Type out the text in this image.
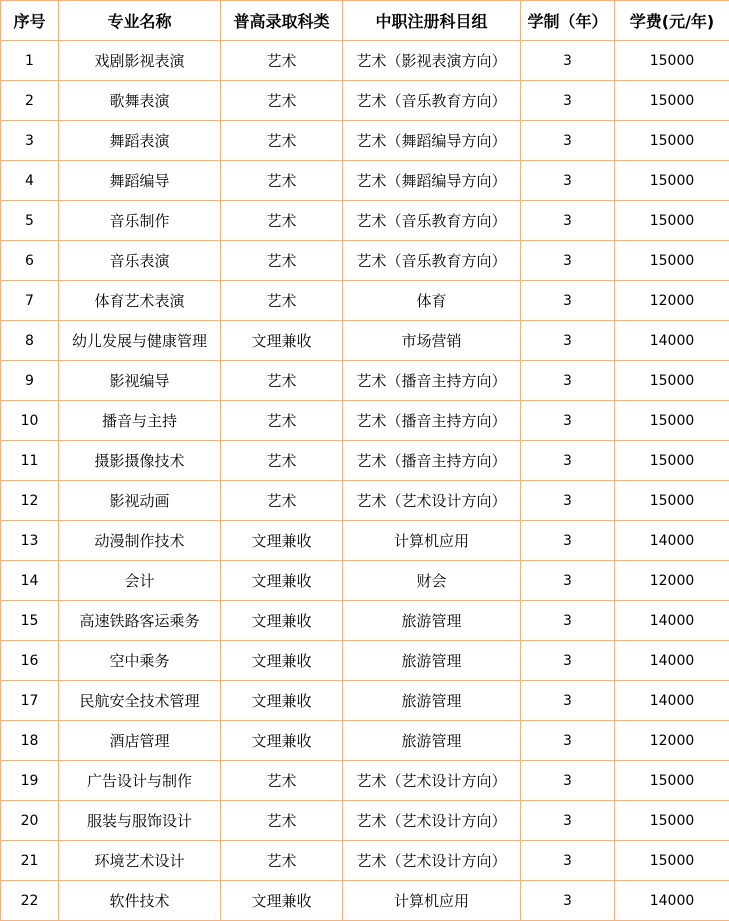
序号	专业名称	普高录取科类	中职注册科目组	学制（年）	学费(元/年)
1	戏剧影视表演	艺术	艺术（影视表演方向）	3	15000
2	歌舞表演	艺术	艺术（音乐教育方向）	3	15000
3	舞蹈表演	艺术	艺术（舞蹈编导方向）	3	15000
4	舞蹈编导	艺术	艺术（舞蹈编导方向）	3	15000
5	音乐制作	艺术	艺术（音乐教育方向）	3	15000
6	音乐表演	艺术	艺术（音乐教育方向）	3	15000
7	体育艺术表演	艺术	体育	3	12000
8	幼儿发展与健康管理	文理兼收	市场营销	3	14000
9	影视编导	艺术	艺术（播音主持方向）	3	15000
10	播音与主持	艺术	艺术（播音主持方向）	3	15000
11	摄影摄像技术	艺术	艺术（播音主持方向）	3	15000
12	影视动画	艺术	艺术（艺术设计方向）	3	15000
13	动漫制作技术	文理兼收	计算机应用	3	14000
14	会计	文理兼收	财会	3	12000
15	高速铁路客运乘务	文理兼收	旅游管理	3	14000
16	空中乘务	文理兼收	旅游管理	3	14000
17	民航安全技术管理	文理兼收	旅游管理	3	14000
18	酒店管理	文理兼收	旅游管理	3	12000
19	广告设计与制作	艺术	艺术（艺术设计方向）	3	15000
20	服装与服饰设计	艺术	艺术（艺术设计方向）	3	15000
21	环境艺术设计	艺术	艺术（艺术设计方向）	3	15000
22	软件技术	文理兼收	计算机应用	3	14000
